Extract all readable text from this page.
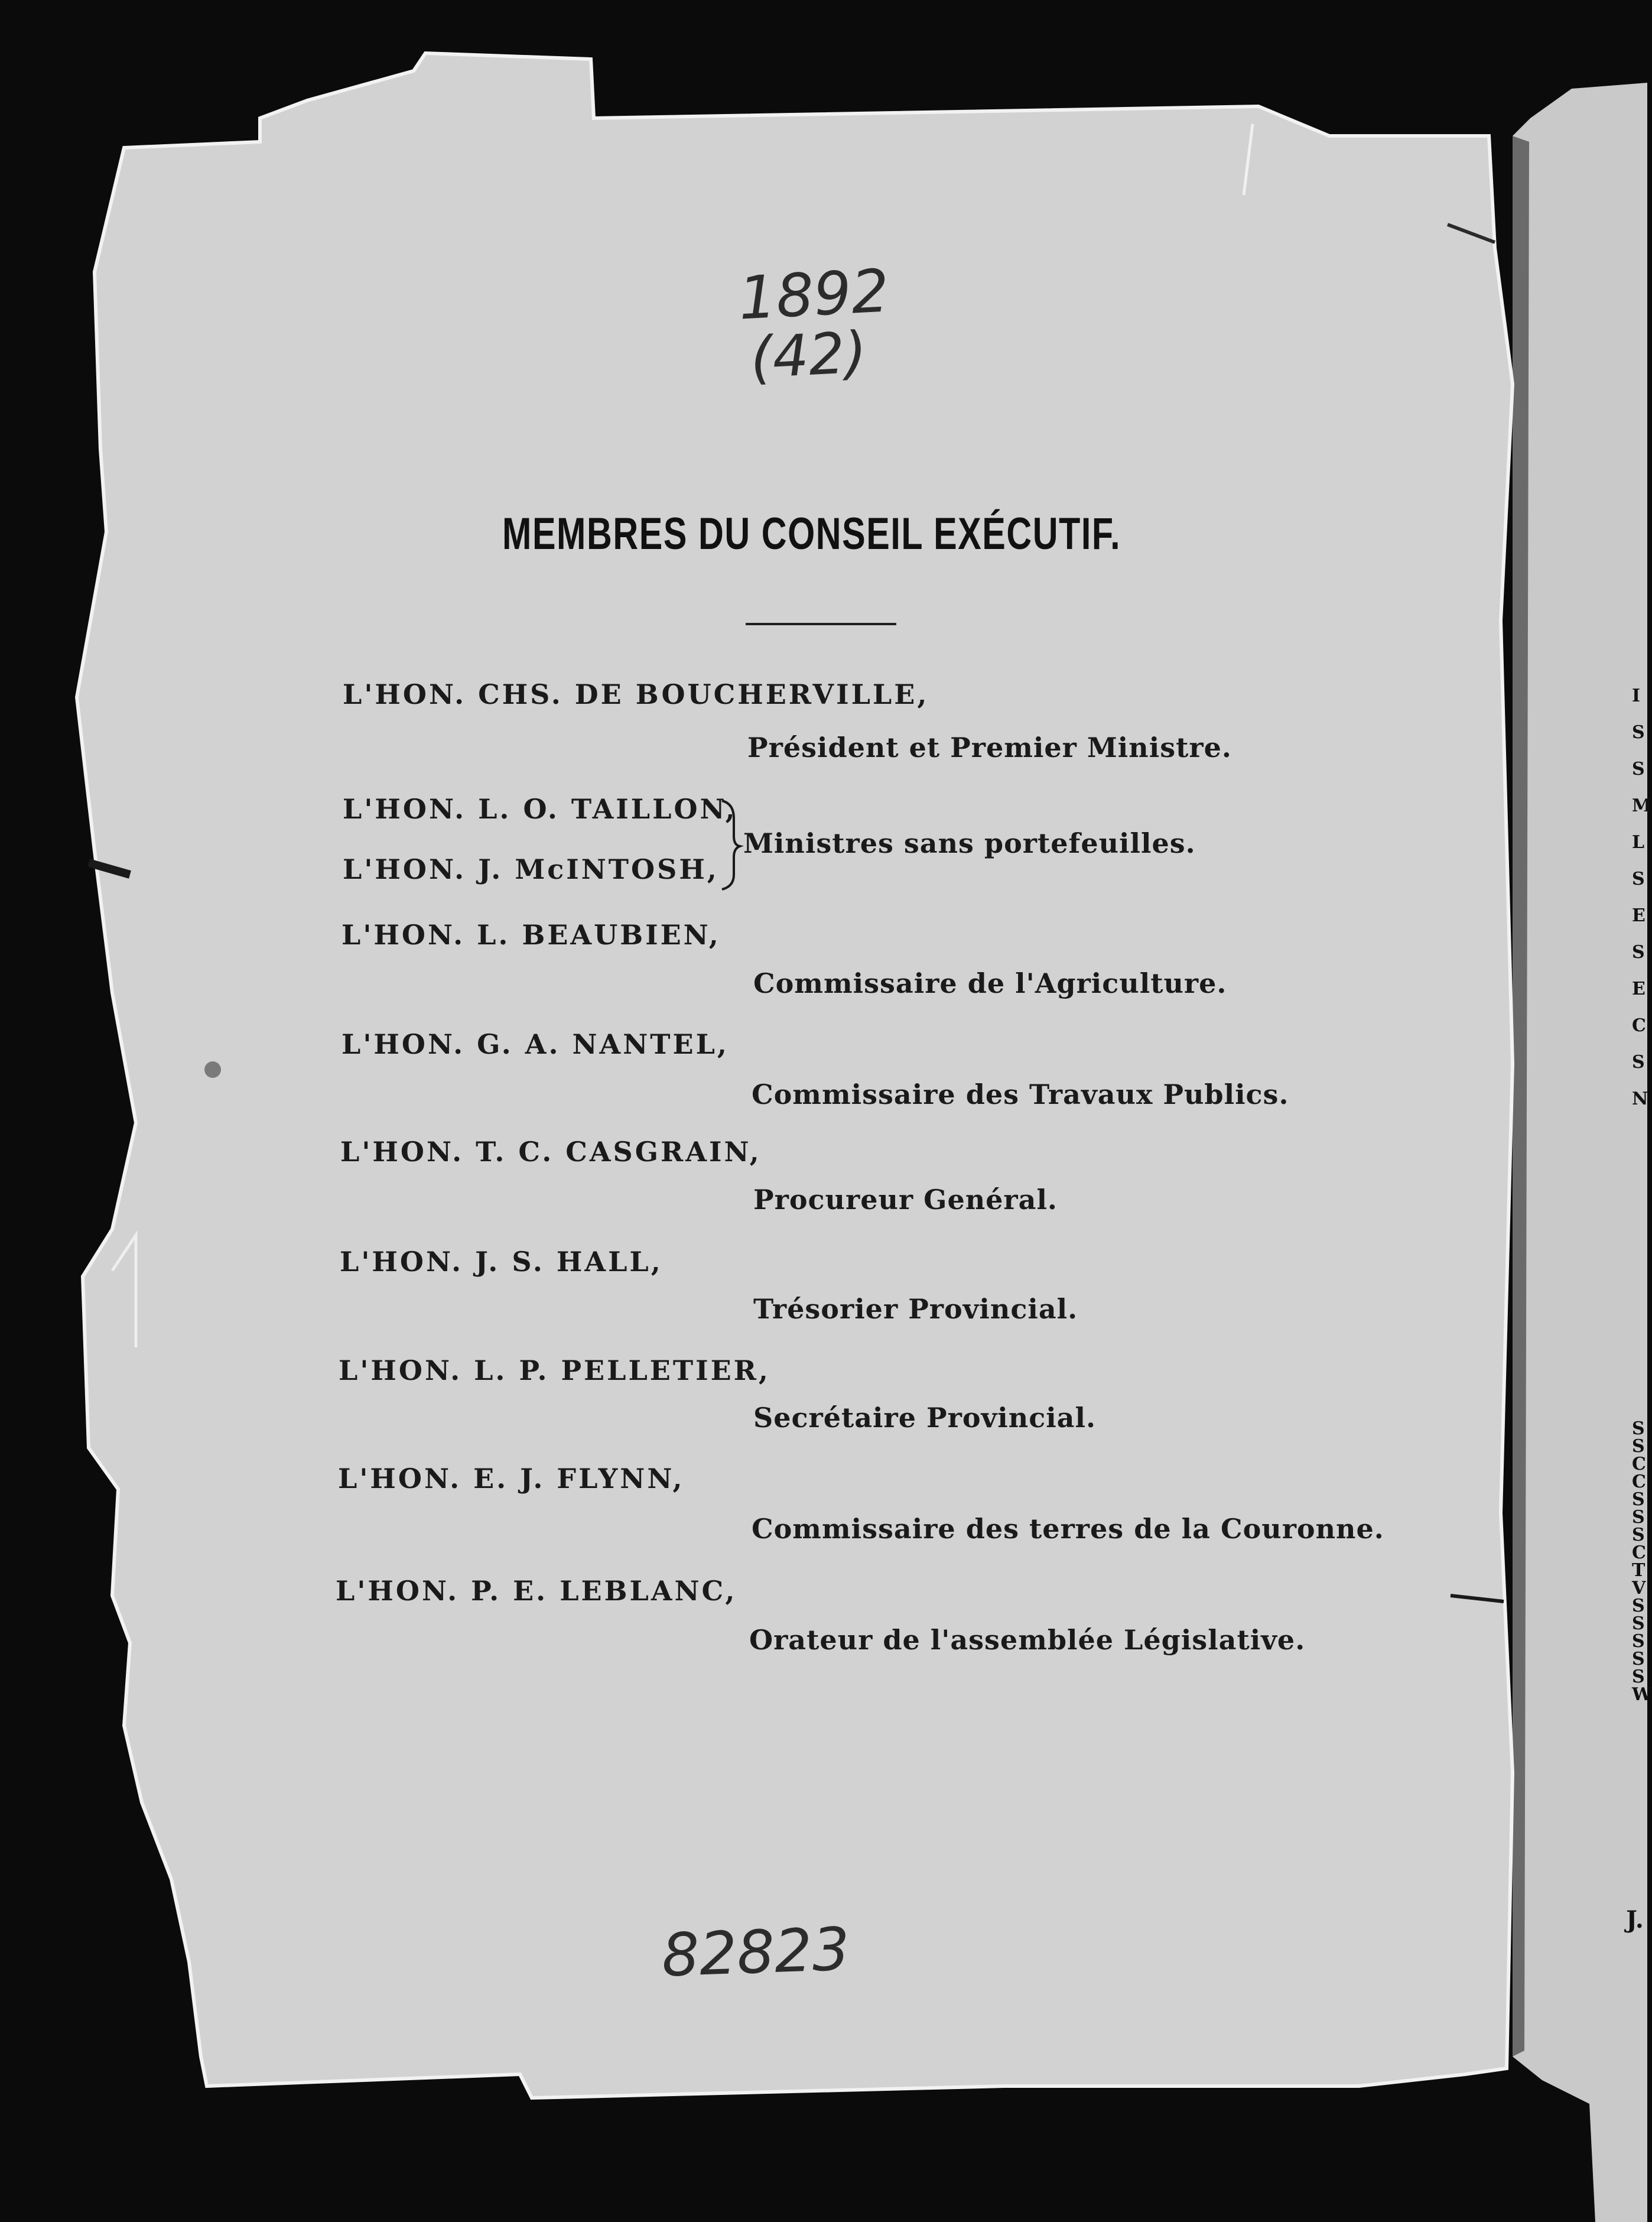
1892
(42)
82823
MEMBRES DU CONSEIL EXÉCUTIF.
L'HON. CHS. DE BOUCHERVILLE,
Président et Premier Ministre.
L'HON. L. O. TAILLON,
L'HON. J. McINTOSH,
Ministres sans portefeuilles.
L'HON. L. BEAUBIEN,
Commissaire de l'Agriculture.
L'HON. G. A. NANTEL,
Commissaire des Travaux Publics.
L'HON. T. C. CASGRAIN,
Procureur Genéral.
L'HON. J. S. HALL,
Trésorier Provincial.
L'HON. L. P. PELLETIER,
Secrétaire Provincial.
L'HON. E. J. FLYNN,
Commissaire des terres de la Couronne.
L'HON. P. E. LEBLANC,
Orateur de l'assemblée Législative.
I
S
S
M
L
S
E
S
E
C
S
N
S
S
C
C
S
S
S
C
T
V
S
S
S
S
S
W
J.
